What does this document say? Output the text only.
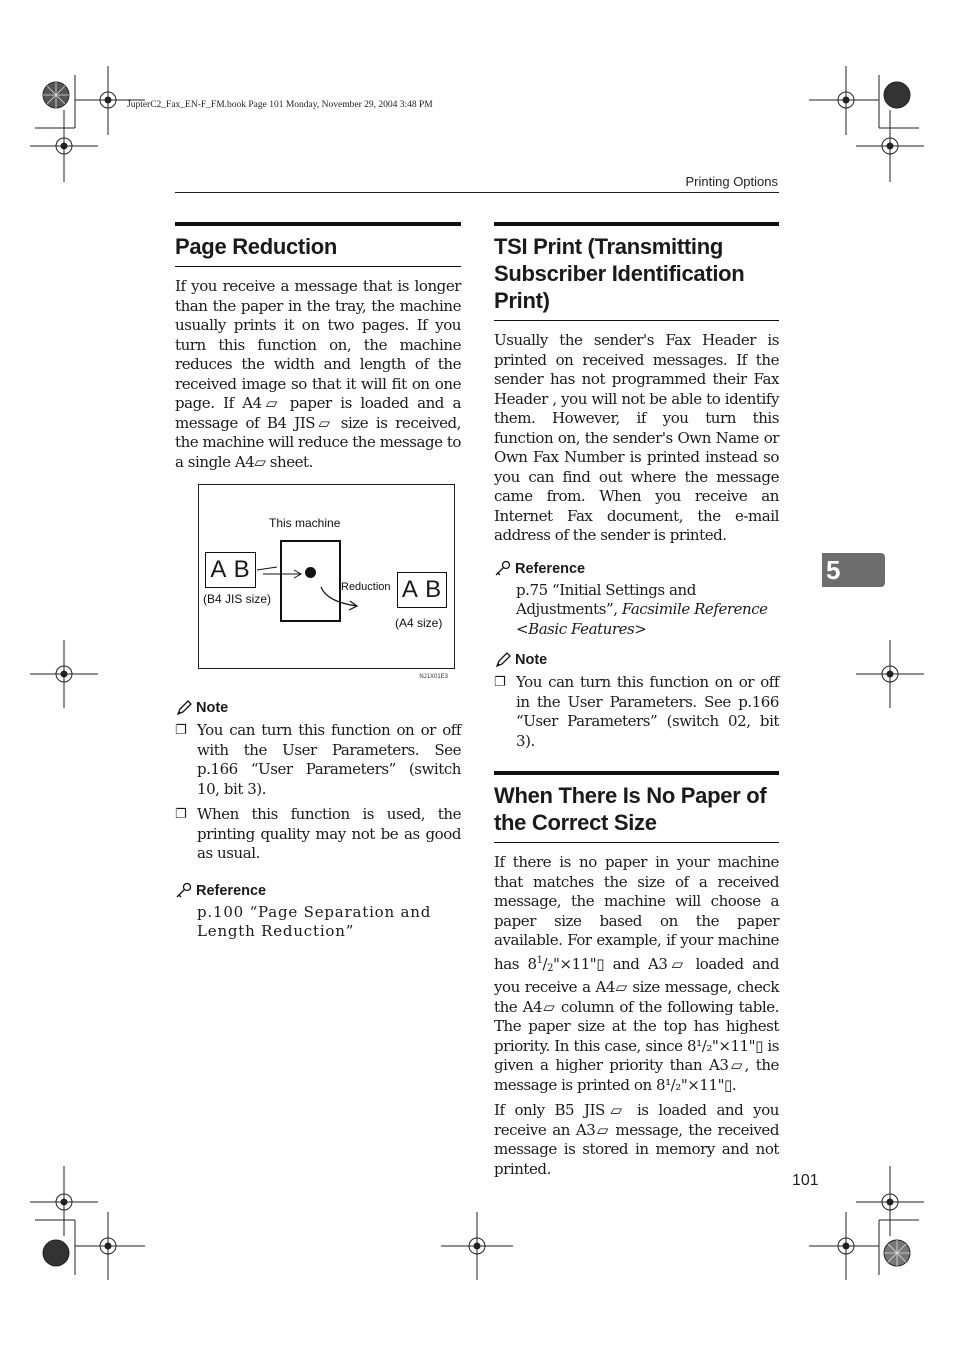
JupterC2_Fax_EN-F_FM.book Page 101 Monday, November 29, 2004 3:48 PM
Printing Options
Page Reduction
If you receive a message that is longer than the paper in the tray, the machine usually prints it on two pages. If you turn this function on, the machine reduces the width and length of the received image so that it will fit on one page. If A4▱ paper is loaded and a message of B4 JIS▱ size is received, the machine will reduce the message to a single A4▱ sheet.
This machine
A B
(B4 JIS size)
Reduction A B
(A4 size)
NJ1X01E3
Note
❐ You can turn this function on or off with the User Parameters. See p.166 “User Parameters” (switch 10, bit 3).
❐ When this function is used, the printing quality may not be as good as usual.
Reference
p.100 “Page Separation and Length Reduction”
TSI Print (Transmitting Subscriber Identification Print)
Usually the sender's Fax Header is printed on received messages. If the sender has not programmed their Fax Header , you will not be able to identify them. However, if you turn this function on, the sender's Own Name or Own Fax Number is printed instead so you can find out where the message came from. When you receive an Internet Fax document, the e-mail address of the sender is printed.
Reference
p.75 “Initial Settings and Adjustments”, Facsimile Reference <Basic Features>
Note
❐ You can turn this function on or off in the User Parameters. See p.166 “User Parameters” (switch 02, bit 3).
When There Is No Paper of the Correct Size
If there is no paper in your machine that matches the size of a received message, the machine will choose a paper size based on the paper available. For example, if your machine has $8^1/2"\times 11"▯$ and A3▱ loaded and you receive a A4▱ size message, check the A4▱ column of the following table. The paper size at the top has highest priority. In this case, since 8¹/₂"×11"▯ is given a higher priority than A3▱, the message is printed on 8¹/₂"×11"▯.
If only B5 JIS▱ is loaded and you receive an A3▱ message, the received message is stored in memory and not printed.
5
101
